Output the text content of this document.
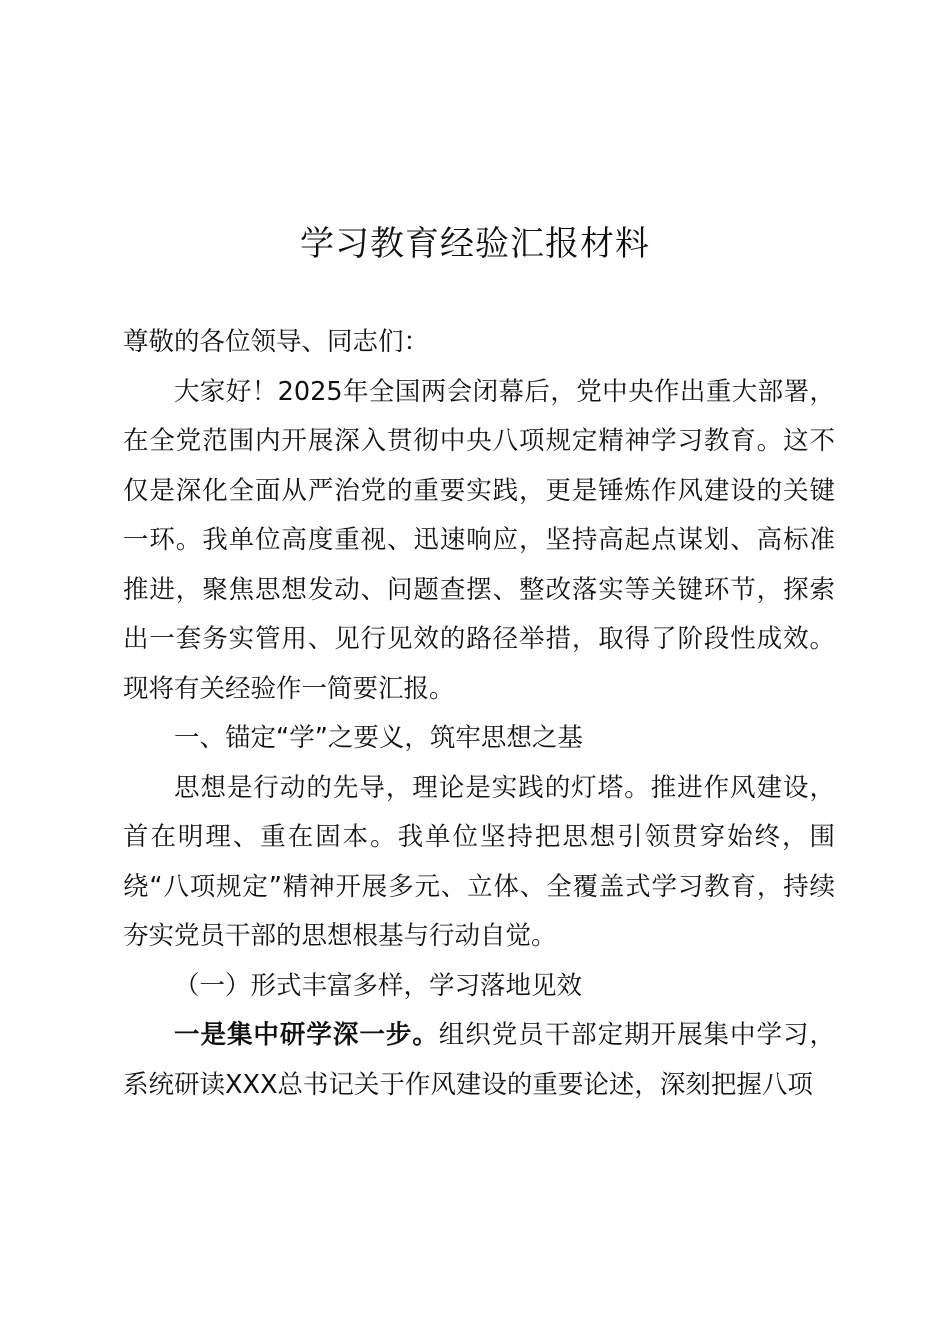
学习教育经验汇报材料

尊敬的各位领导、同志们：

大家好！2025年全国两会闭幕后，党中央作出重大部署，在全党范围内开展深入贯彻中央八项规定精神学习教育。这不仅是深化全面从严治党的重要实践，更是锤炼作风建设的关键一环。我单位高度重视、迅速响应，坚持高起点谋划、高标准推进，聚焦思想发动、问题查摆、整改落实等关键环节，探索出一套务实管用、见行见效的路径举措，取得了阶段性成效。现将有关经验作一简要汇报。

一、锚定“学”之要义，筑牢思想之基

思想是行动的先导，理论是实践的灯塔。推进作风建设，首在明理、重在固本。我单位坚持把思想引领贯穿始终，围绕“八项规定”精神开展多元、立体、全覆盖式学习教育，持续夯实党员干部的思想根基与行动自觉。

（一）形式丰富多样，学习落地见效

一是集中研学深一步。组织党员干部定期开展集中学习，系统研读XXX总书记关于作风建设的重要论述，深刻把握八项
